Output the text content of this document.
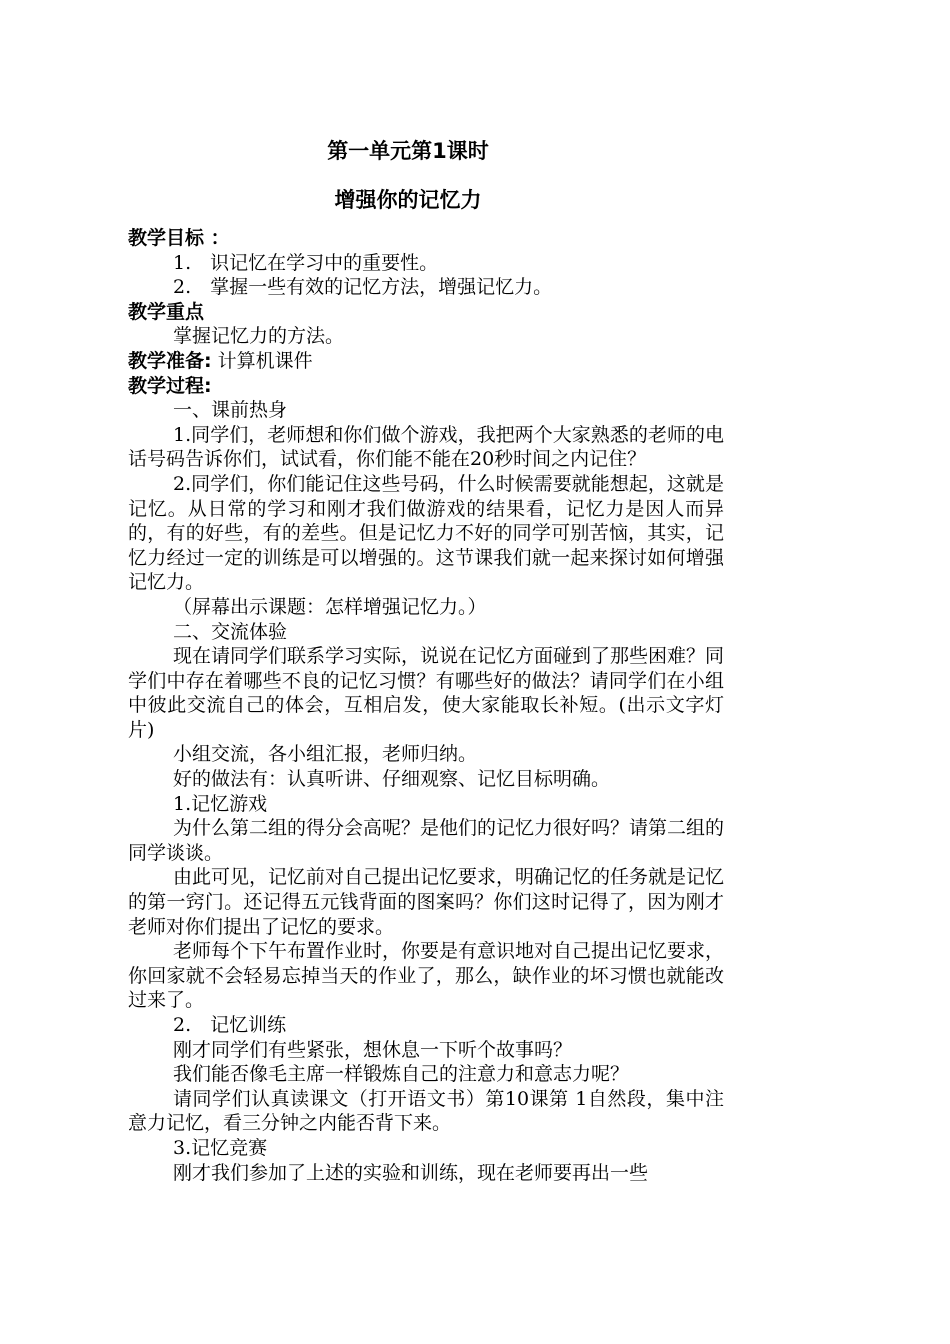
第一单元第1课时
增强你的记忆力

教学目标 ：

1.　识记忆在学习中的重要性。

2.　掌握一些有效的记忆方法，增强记忆力。

教学重点

掌握记忆力的方法。

教学准备: 计算机课件

教学过程:

一、课前热身

1.同学们，老师想和你们做个游戏，我把两个大家熟悉的老师的电话号码告诉你们，试试看，你们能不能在20秒时间之内记住？

2.同学们，你们能记住这些号码，什么时候需要就能想起，这就是记忆。从日常的学习和刚才我们做游戏的结果看，记忆力是因人而异的，有的好些，有的差些。但是记忆力不好的同学可别苦恼，其实，记忆力经过一定的训练是可以增强的。这节课我们就一起来探讨如何增强记忆力。

（屏幕出示课题：怎样增强记忆力。）

二、交流体验

现在请同学们联系学习实际，说说在记忆方面碰到了那些困难？同学们中存在着哪些不良的记忆习惯？有哪些好的做法？请同学们在小组中彼此交流自己的体会，互相启发，使大家能取长补短。(出示文字灯片)

小组交流，各小组汇报，老师归纳。

好的做法有：认真听讲、仔细观察、记忆目标明确。

1.记忆游戏

为什么第二组的得分会高呢？是他们的记忆力很好吗？请第二组的同学谈谈。

由此可见，记忆前对自己提出记忆要求，明确记忆的任务就是记忆的第一窍门。还记得五元钱背面的图案吗？你们这时记得了，因为刚才老师对你们提出了记忆的要求。

老师每个下午布置作业时，你要是有意识地对自己提出记忆要求，你回家就不会轻易忘掉当天的作业了，那么，缺作业的坏习惯也就能改过来了。

2.　记忆训练

刚才同学们有些紧张，想休息一下听个故事吗？

我们能否像毛主席一样锻炼自己的注意力和意志力呢？

请同学们认真读课文（打开语文书）第10课第 1自然段，集中注意力记忆，看三分钟之内能否背下来。

3.记忆竞赛

刚才我们参加了上述的实验和训练，现在老师要再出一些
